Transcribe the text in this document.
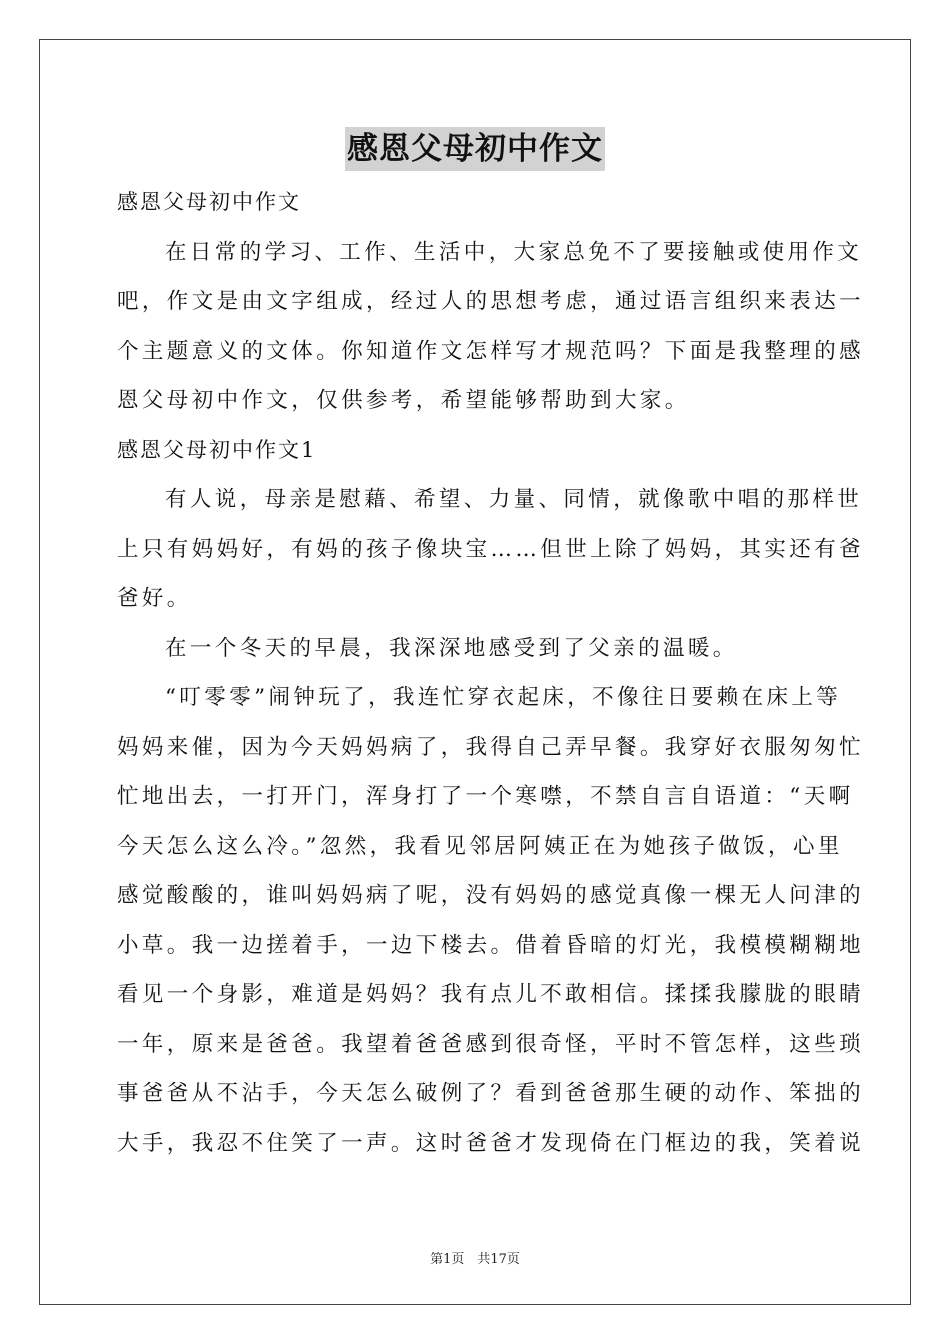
感恩父母初中作文
感恩父母初中作文
在日常的学习、工作、生活中，大家总免不了要接触或使用作文
吧，作文是由文字组成，经过人的思想考虑，通过语言组织来表达一
个主题意义的文体。你知道作文怎样写才规范吗？下面是我整理的感
恩父母初中作文，仅供参考，希望能够帮助到大家。
感恩父母初中作文1
有人说，母亲是慰藉、希望、力量、同情，就像歌中唱的那样世
上只有妈妈好，有妈的孩子像块宝……但世上除了妈妈，其实还有爸
爸好。
在一个冬天的早晨，我深深地感受到了父亲的温暖。
“叮零零”闹钟玩了，我连忙穿衣起床，不像往日要赖在床上等
妈妈来催，因为今天妈妈病了，我得自己弄早餐。我穿好衣服匆匆忙
忙地出去，一打开门，浑身打了一个寒噤，不禁自言自语道：“天啊
今天怎么这么冷。”忽然，我看见邻居阿姨正在为她孩子做饭，心里
感觉酸酸的，谁叫妈妈病了呢，没有妈妈的感觉真像一棵无人问津的
小草。我一边搓着手，一边下楼去。借着昏暗的灯光，我模模糊糊地
看见一个身影，难道是妈妈？我有点儿不敢相信。揉揉我朦胧的眼睛
一年，原来是爸爸。我望着爸爸感到很奇怪，平时不管怎样，这些琐
事爸爸从不沾手，今天怎么破例了？看到爸爸那生硬的动作、笨拙的
大手，我忍不住笑了一声。这时爸爸才发现倚在门框边的我，笑着说
第1页　共17页
